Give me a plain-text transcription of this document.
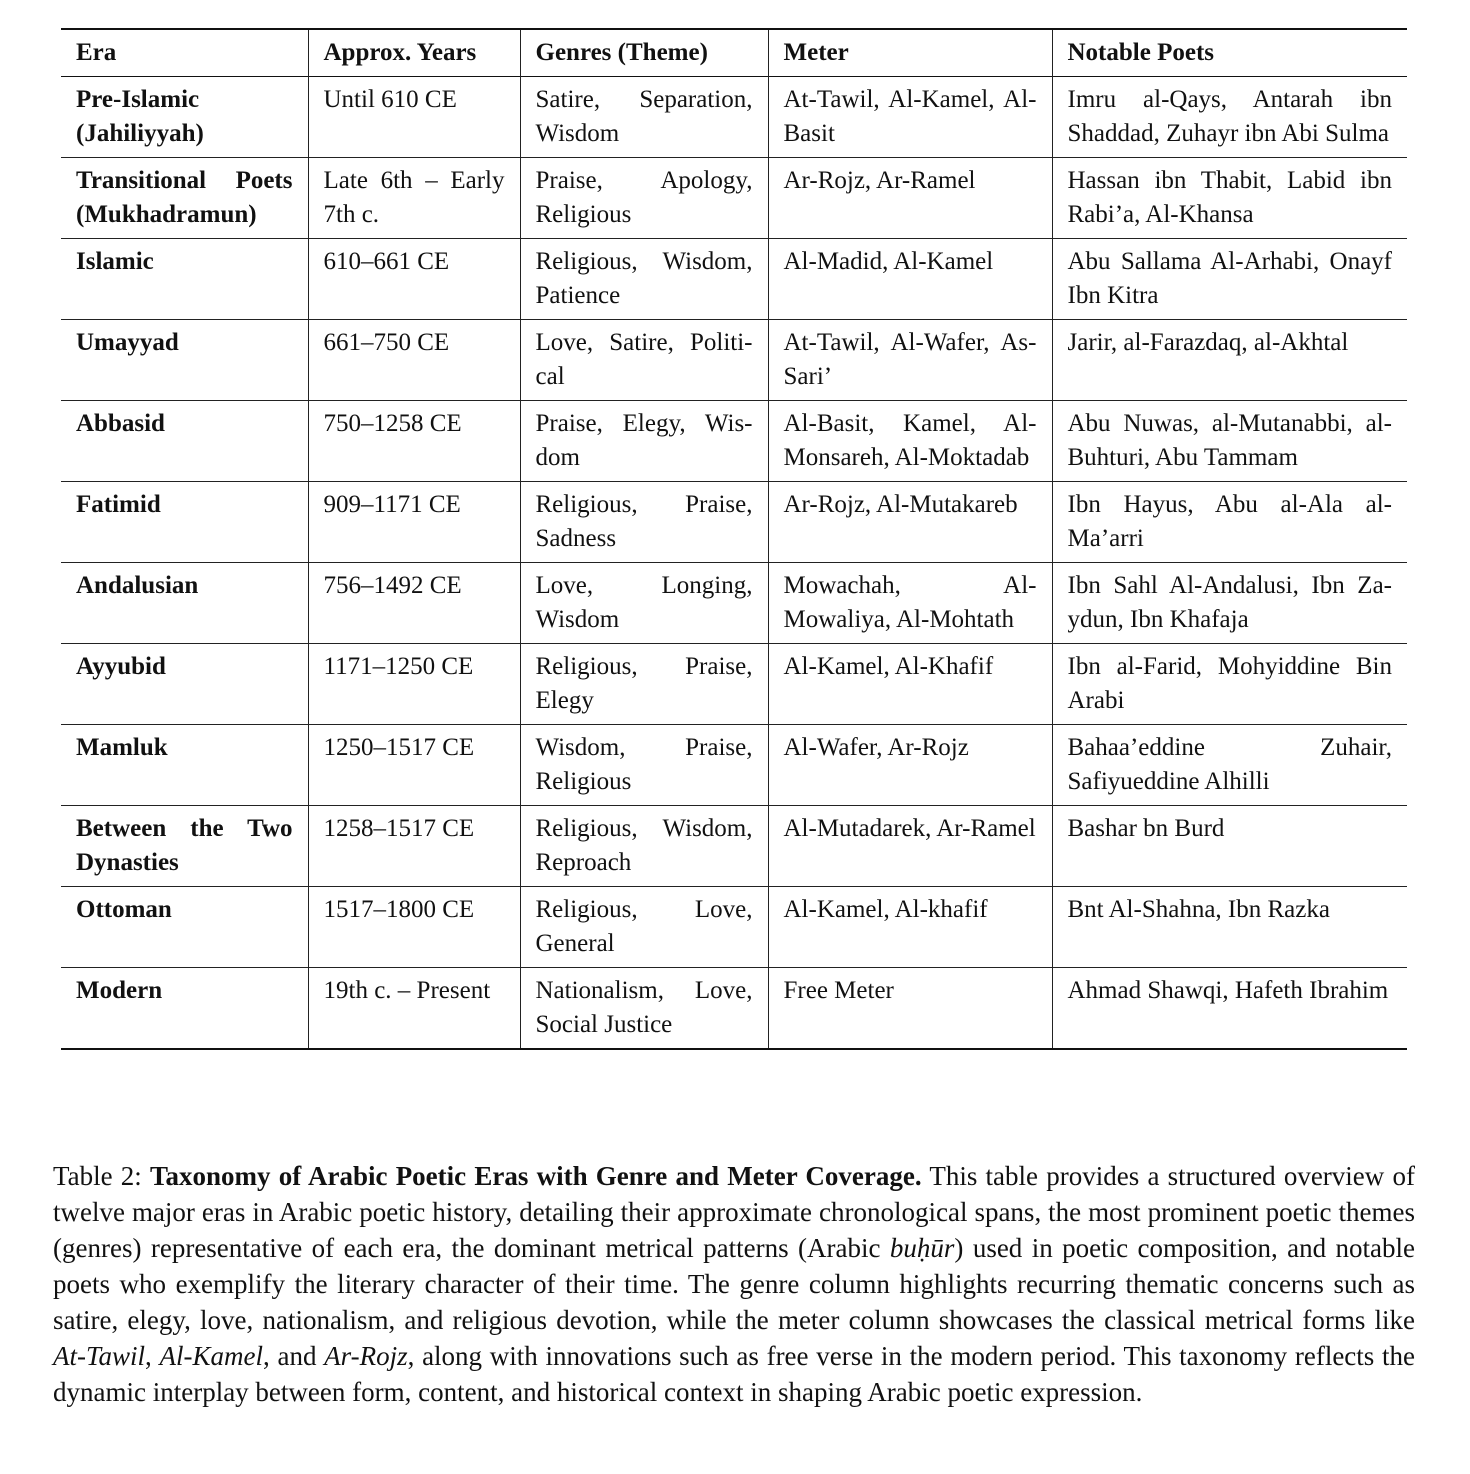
Era	Approx. Years	Genres (Theme)	Meter	Notable Poets
Pre-Islamic (Jahiliyyah)	Until 610 CE	Satire, Separation, Wisdom	At-Tawil, Al-Kamel, Al-Basit	Imru al-Qays, Antarah ibn Shaddad, Zuhayr ibn Abi Sulma
Transitional Poets (Mukhadramun)	Late 6th – Early 7th c.	Praise, Apology, Religious	Ar-Rojz, Ar-Ramel	Hassan ibn Thabit, Labid ibn Rabi’a, Al-Khansa
Islamic	610–661 CE	Religious, Wisdom, Patience	Al-Madid, Al-Kamel	Abu Sallama Al-Arhabi, Onayf Ibn Kitra
Umayyad	661–750 CE	Love, Satire, Political	At-Tawil, Al-Wafer, As-Sari’	Jarir, al-Farazdaq, al-Akhtal
Abbasid	750–1258 CE	Praise, Elegy, Wisdom	Al-Basit, Kamel, Al-Monsareh, Al-Moktadab	Abu Nuwas, al-Mutanabbi, al-Buhturi, Abu Tammam
Fatimid	909–1171 CE	Religious, Praise, Sadness	Ar-Rojz, Al-Mutakareb	Ibn Hayus, Abu al-Ala al-Ma’arri
Andalusian	756–1492 CE	Love, Longing, Wisdom	Mowachah, Al-Mowaliya, Al-Mohtath	Ibn Sahl Al-Andalusi, Ibn Zaydun, Ibn Khafaja
Ayyubid	1171–1250 CE	Religious, Praise, Elegy	Al-Kamel, Al-Khafif	Ibn al-Farid, Mohyiddine Bin Arabi
Mamluk	1250–1517 CE	Wisdom, Praise, Religious	Al-Wafer, Ar-Rojz	Bahaa’eddine Zuhair, Safiyueddine Alhilli
Between the Two Dynasties	1258–1517 CE	Religious, Wisdom, Reproach	Al-Mutadarek, Ar-Ramel	Bashar bn Burd
Ottoman	1517–1800 CE	Religious, Love, General	Al-Kamel, Al-khafif	Bnt Al-Shahna, Ibn Razka
Modern	19th c. – Present	Nationalism, Love, Social Justice	Free Meter	Ahmad Shawqi, Hafeth Ibrahim
Table 2: Taxonomy of Arabic Poetic Eras with Genre and Meter Coverage. This table provides a structured overview of twelve major eras in Arabic poetic history, detailing their approximate chronological spans, the most prominent poetic themes (genres) representative of each era, the dominant metrical patterns (Arabic buḥūr) used in poetic composition, and notable poets who exemplify the literary character of their time. The genre column highlights recurring thematic concerns such as satire, elegy, love, nationalism, and religious devotion, while the meter column showcases the classical metrical forms like At-Tawil, Al-Kamel, and Ar-Rojz, along with innovations such as free verse in the modern period. This taxonomy reflects the dynamic interplay between form, content, and historical context in shaping Arabic poetic expression.
